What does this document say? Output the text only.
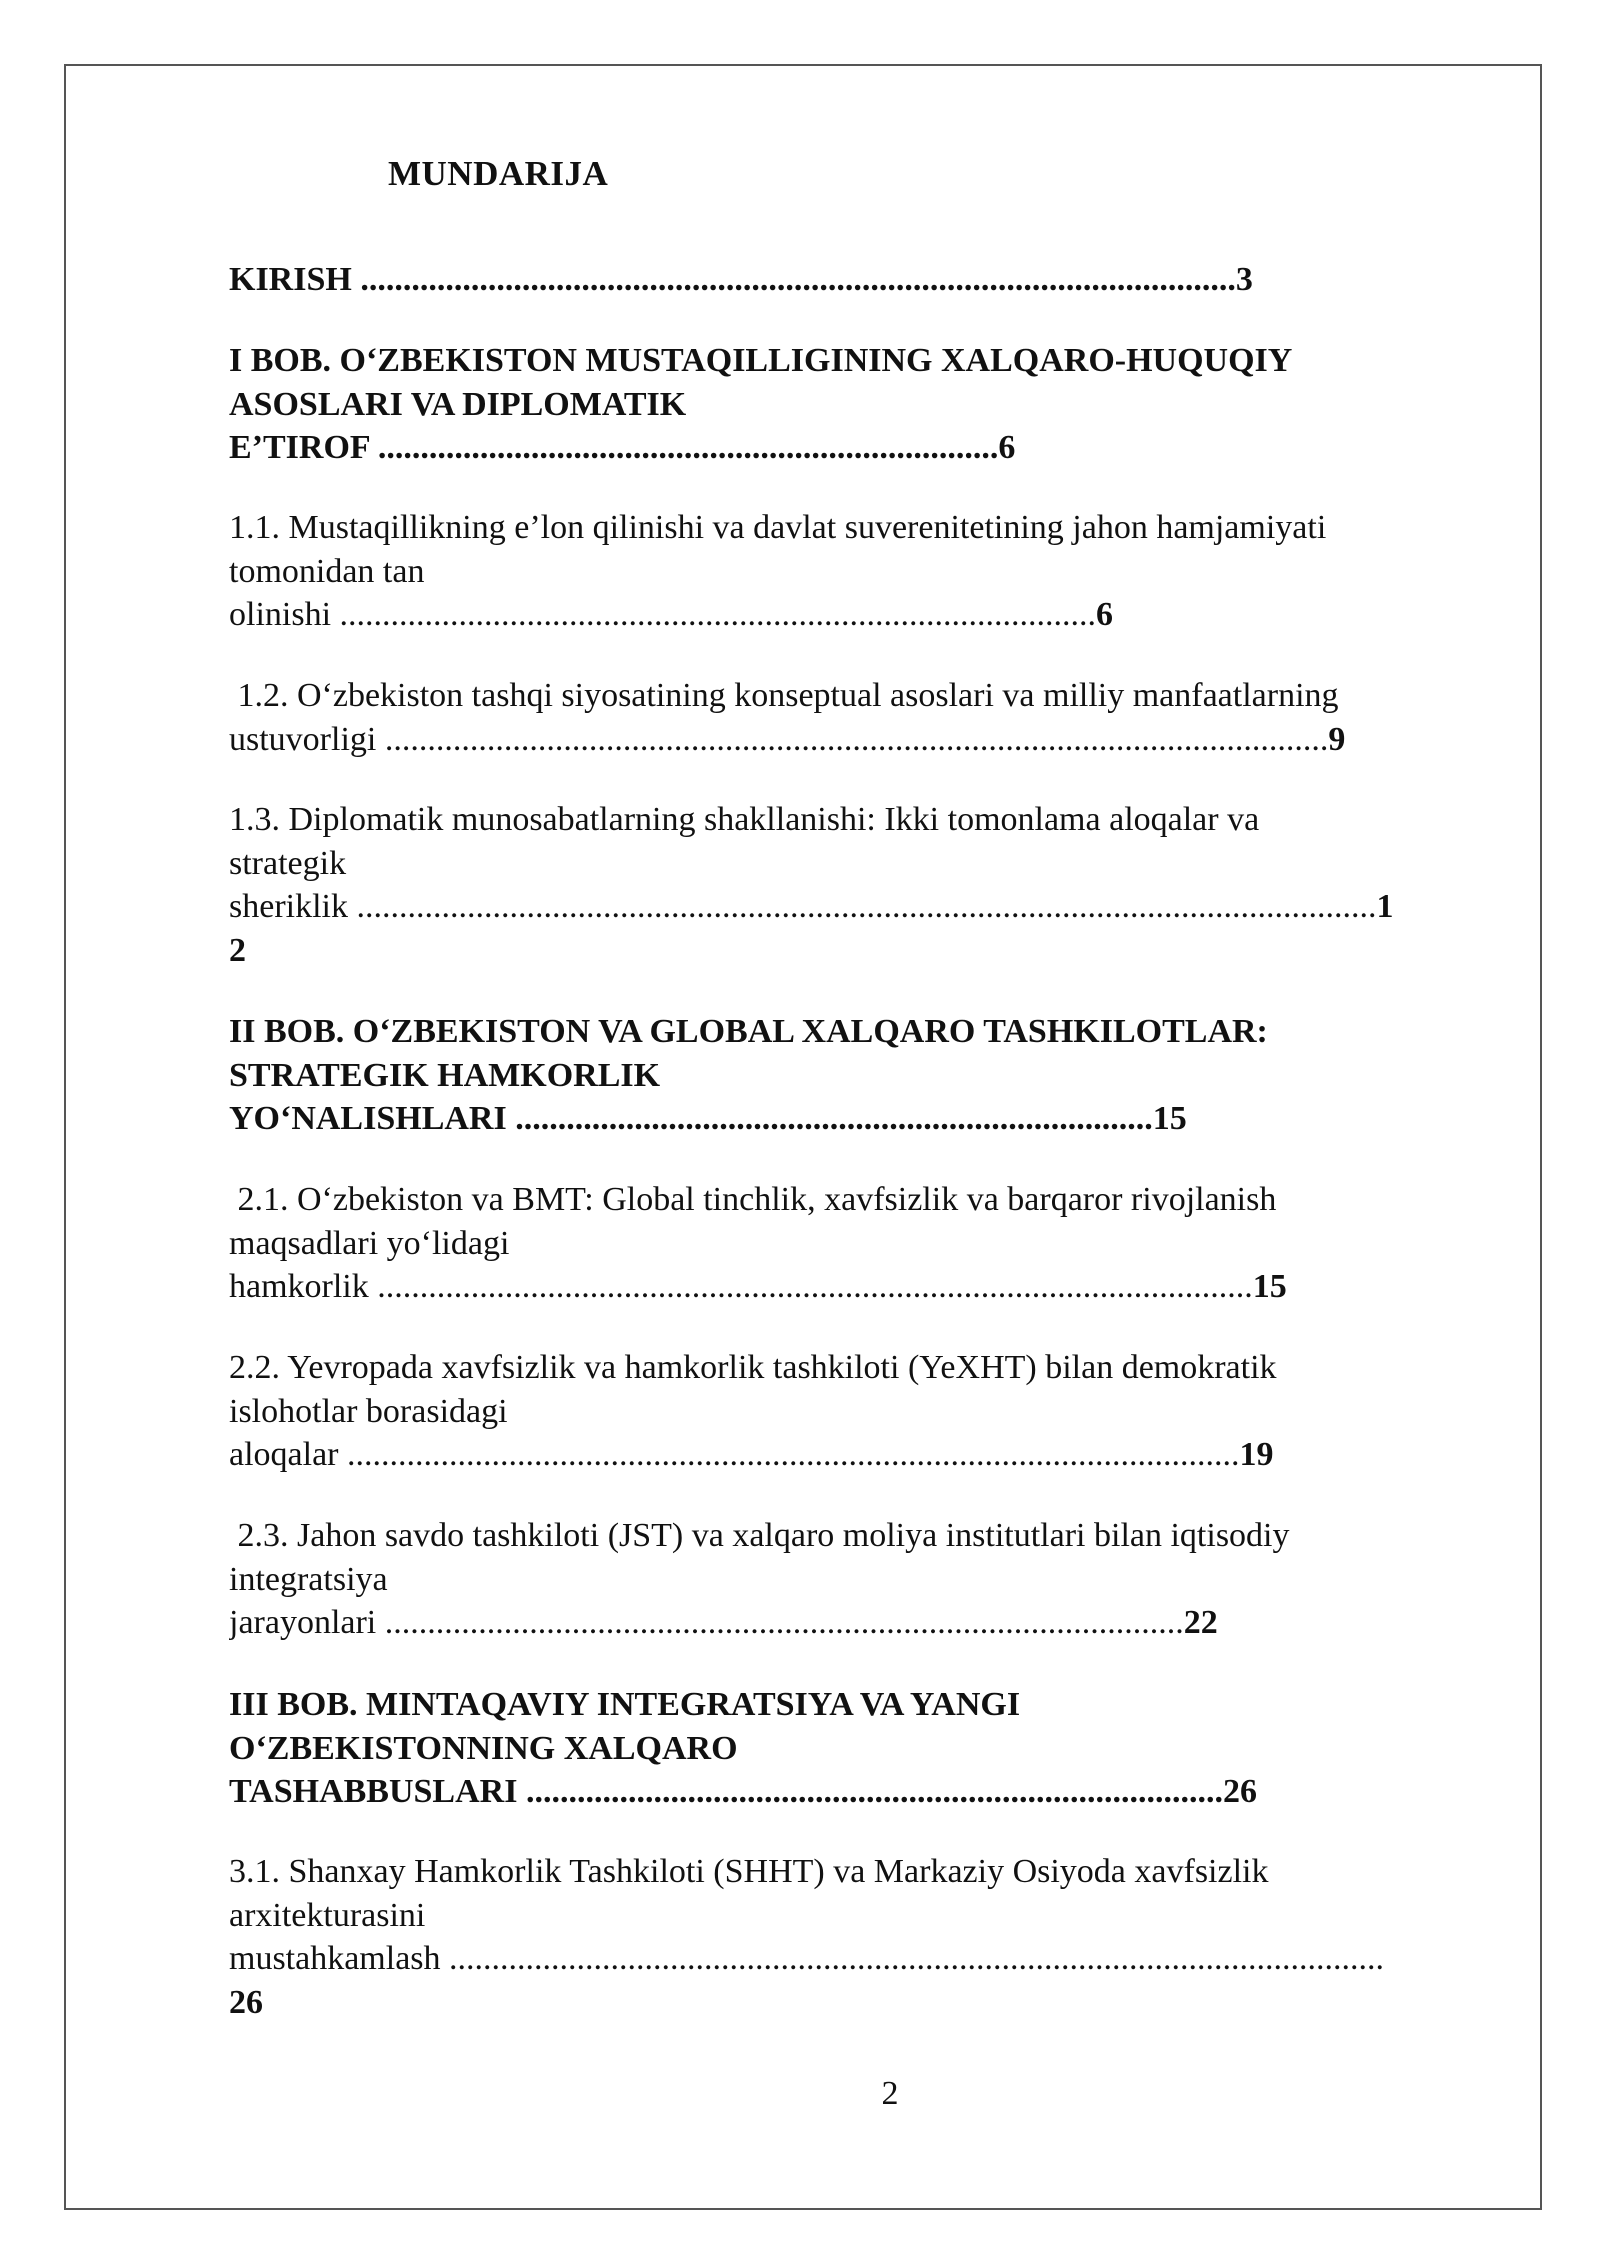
MUNDARIJA
KIRISH .......................................................................................................3
I BOB. O‘ZBEKISTON MUSTAQILLIGINING XALQARO-HUQUQIY
ASOSLARI VA DIPLOMATIK
E’TIROF .........................................................................6
1.1. Mustaqillikning e’lon qilinishi va davlat suverenitetining jahon hamjamiyati
tomonidan tan
olinishi .........................................................................................6
1.2. O‘zbekiston tashqi siyosatining konseptual asoslari va milliy manfaatlarning
ustuvorligi ...............................................................................................................9
1.3. Diplomatik munosabatlarning shakllanishi: Ikki tomonlama aloqalar va
strategik
sheriklik ........................................................................................................................1
2
II BOB. O‘ZBEKISTON VA GLOBAL XALQARO TASHKILOTLAR:
STRATEGIK HAMKORLIK
YO‘NALISHLARI ...........................................................................15
2.1. O‘zbekiston va BMT: Global tinchlik, xavfsizlik va barqaror rivojlanish
maqsadlari yo‘lidagi
hamkorlik .......................................................................................................15
2.2. Yevropada xavfsizlik va hamkorlik tashkiloti (YeXHT) bilan demokratik
islohotlar borasidagi
aloqalar .........................................................................................................19
2.3. Jahon savdo tashkiloti (JST) va xalqaro moliya institutlari bilan iqtisodiy
integratsiya
jarayonlari ..............................................................................................22
III BOB. MINTAQAVIY INTEGRATSIYA VA YANGI
O‘ZBEKISTONNING XALQARO
TASHABBUSLARI ..................................................................................26
3.1. Shanxay Hamkorlik Tashkiloti (SHHT) va Markaziy Osiyoda xavfsizlik
arxitekturasini
mustahkamlash ..............................................................................................................
26
2
